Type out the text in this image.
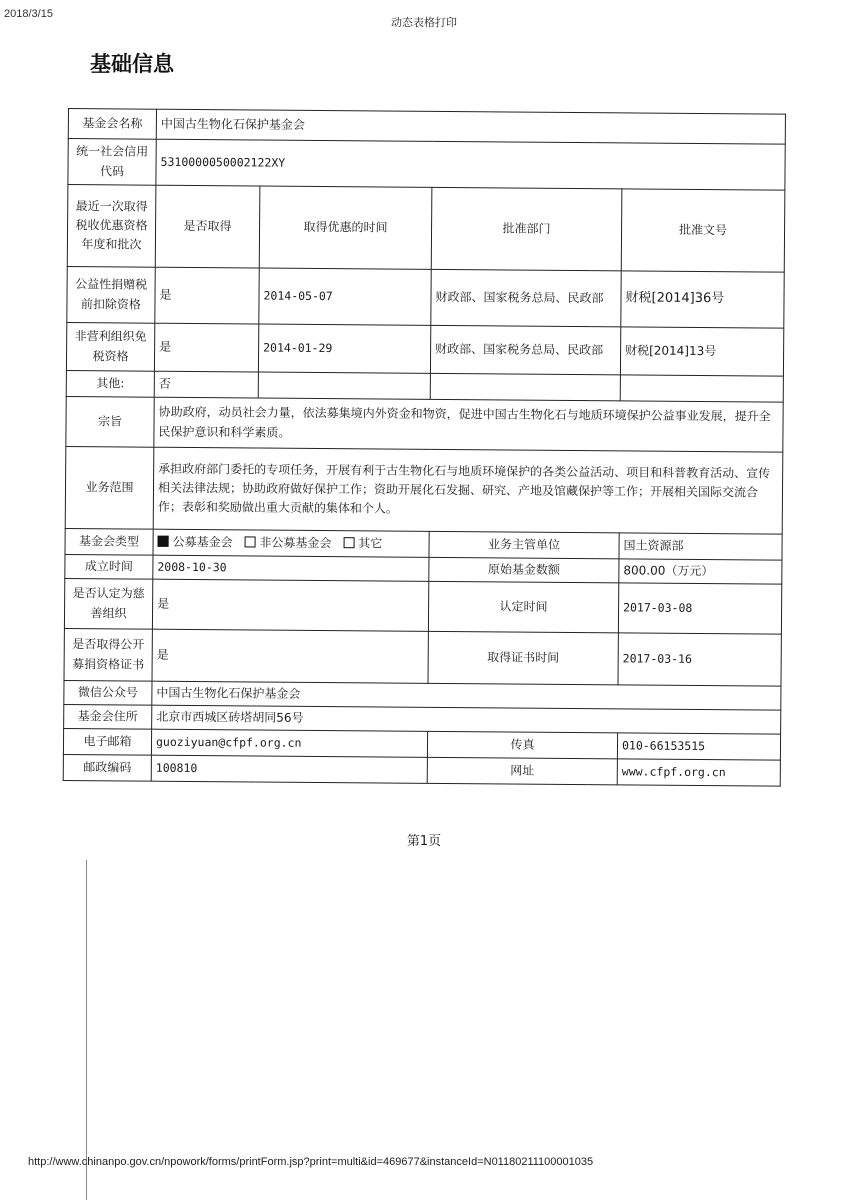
2018/3/15
动态表格打印
基础信息
基金会名称	中国古生物化石保护基金会			
统一社会信用代码	53100000500021​22XY			
最近一次取得税收优惠资格年度和批次	是否取得	取得优惠的时间	批准部门	批准文号
公益性捐赠税前扣除资格	是	2014-05-07	财政部、国家税务总局、民政部	财税[2014]36号
非营利组织免税资格	是	2014-01-29	财政部、国家税务总局、民政部	财税[2014]13号
其他:	否			
宗旨	协助政府，动员社会力量，依法募集境内外资金和物资，促进中国古生物化石与地质环境保护公益事业发展，提升全民保护意识和科学素质。			
业务范围	承担政府部门委托的专项任务，开展有利于古生物化石与地质环境保护的各类公益活动、项目和科普教育活动、宣传相关法律法规；协助政府做好保护工作；资助开展化石发掘、研究、产地及馆藏保护等工作；开展相关国际交流合作；表彰和奖励做出重大贡献的集体和个人。			
基金会类型	公募基金会 非公募基金会 其它		业务主管单位	国土资源部
成立时间	2008-10-30		原始基金数额	800.00（万元）
是否认定为慈善组织	是		认定时间	2017-03-08
是否取得公开募捐资格证书	是		取得证书时间	2017-03-16
微信公众号	中国古生物化石保护基金会			
基金会住所	北京市西城区砖塔胡同56号			
电子邮箱	guoziyuan@cfpf.org.cn		传真	010-66153515
邮政编码	100810		网址	www.cfpf.org.cn
第1页
http://www.chinanpo.gov.cn/npowork/forms/printForm.jsp?print=multi&id=469677&instanceId=N01180211100001035
